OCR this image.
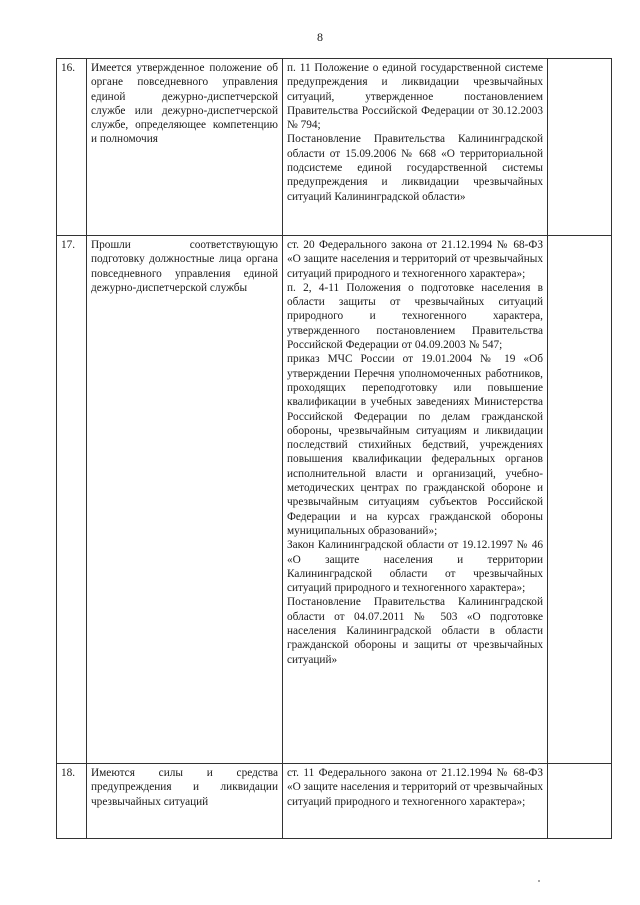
8
16.	Имеется утвержденное положение об органе повседневного управления единой дежурно-диспетчерской службе или дежурно-диспетчерской службе, определяющее компетенцию и полномочия	п. 11 Положение о единой государственной системе предупреждения и ликвидации чрезвычайных ситуаций, утвержденное постановлением Правительства Российской Федерации от 30.12.2003 № 794;
Постановление Правительства Калининградской области от 15.09.2006 № 668 «О территориальной подсистеме единой государственной системы предупреждения и ликвидации чрезвычайных ситуаций Калининградской области»	

17.	Прошли соответствующую подготовку должностные лица органа повседневного управления единой дежурно-диспетчерской службы	ст. 20 Федерального закона от 21.12.1994 № 68-ФЗ «О защите населения и территорий от чрезвычайных ситуаций природного и техногенного характера»;
п. 2, 4-11 Положения о подготовке населения в области защиты от чрезвычайных ситуаций природного и техногенного характера, утвержденного постановлением Правительства Российской Федерации от 04.09.2003 № 547;
приказ МЧС России от 19.01.2004 № 19 «Об утверждении Перечня уполномоченных работников, проходящих переподготовку или повышение квалификации в учебных заведениях Министерства Российской Федерации по делам гражданской обороны, чрезвычайным ситуациям и ликвидации последствий стихийных бедствий, учреждениях повышения квалификации федеральных органов исполнительной власти и организаций, учебно-методических центрах по гражданской обороне и чрезвычайным ситуациям субъектов Российской Федерации и на курсах гражданской обороны муниципальных образований»;
Закон Калининградской области от 19.12.1997 № 46 «О защите населения и территории Калининградской области от чрезвычайных ситуаций природного и техногенного характера»;
Постановление Правительства Калининградской области от 04.07.2011 № 503 «О подготовке населения Калининградской области в области гражданской обороны и защиты от чрезвычайных ситуаций»	

18.	Имеются силы и средства предупреждения и ликвидации чрезвычайных ситуаций	ст. 11 Федерального закона от 21.12.1994 № 68-ФЗ «О защите населения и территорий от чрезвычайных ситуаций природного и техногенного характера»;	
